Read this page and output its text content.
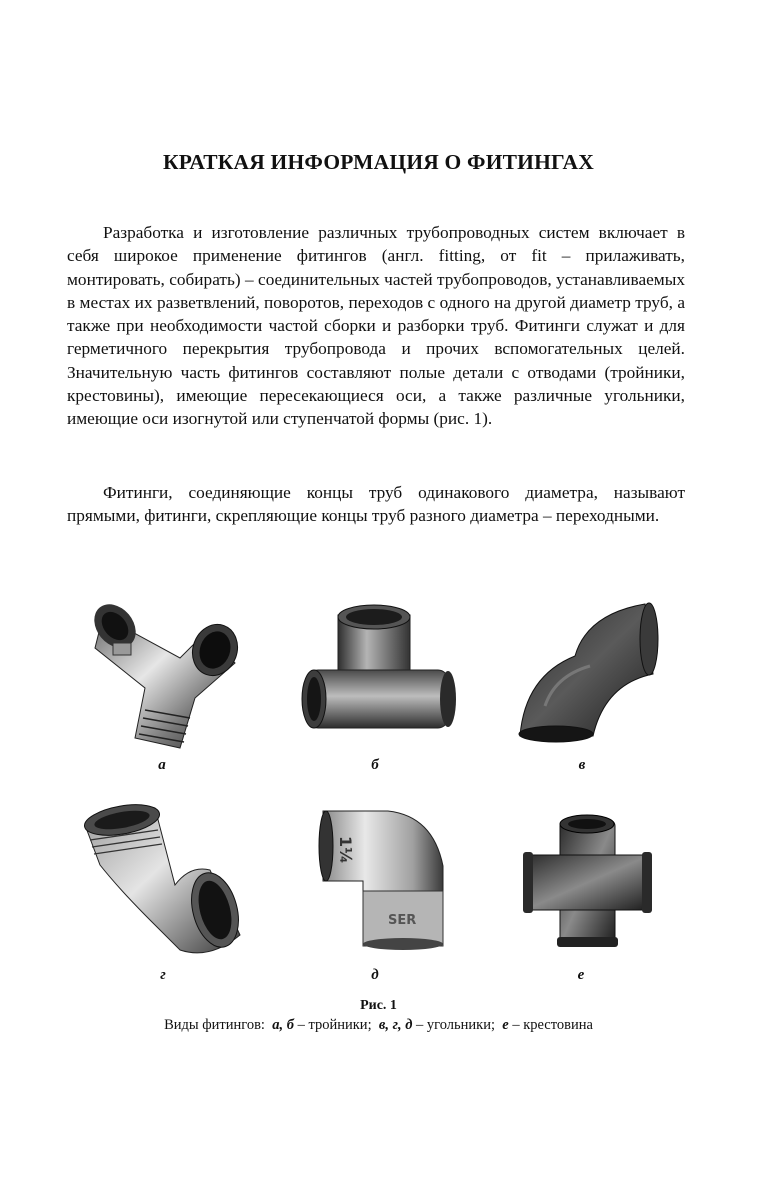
КРАТКАЯ ИНФОРМАЦИЯ О ФИТИНГАХ

Разработка и изготовление различных трубопроводных систем включает в себя широкое применение фитингов (англ. fitting, от fit – прилаживать, монтировать, собирать) – соединительных частей трубопроводов, устанавливаемых в местах их разветвлений, поворотов, переходов с одного на другой диаметр труб, а также при необходимости частой сборки и разборки труб. Фитинги служат и для герметичного перекрытия трубопровода и прочих вспомогательных целей. Значительную часть фитингов составляют полые детали с отводами (тройники, крестовины), имеющие пересекающиеся оси, а также различные угольники, имеющие оси изогнутой или ступенчатой формы (рис. 1).

Фитинги, соединяющие концы труб одинакового диаметра, называют прямыми, фитинги, скрепляющие концы труб разного диаметра – переходными.

а	б	в
г
1¼
SER
д	е
Рис. 1
Виды фитингов: а, б – тройники; в, г, д – угольники; е – крестовина
